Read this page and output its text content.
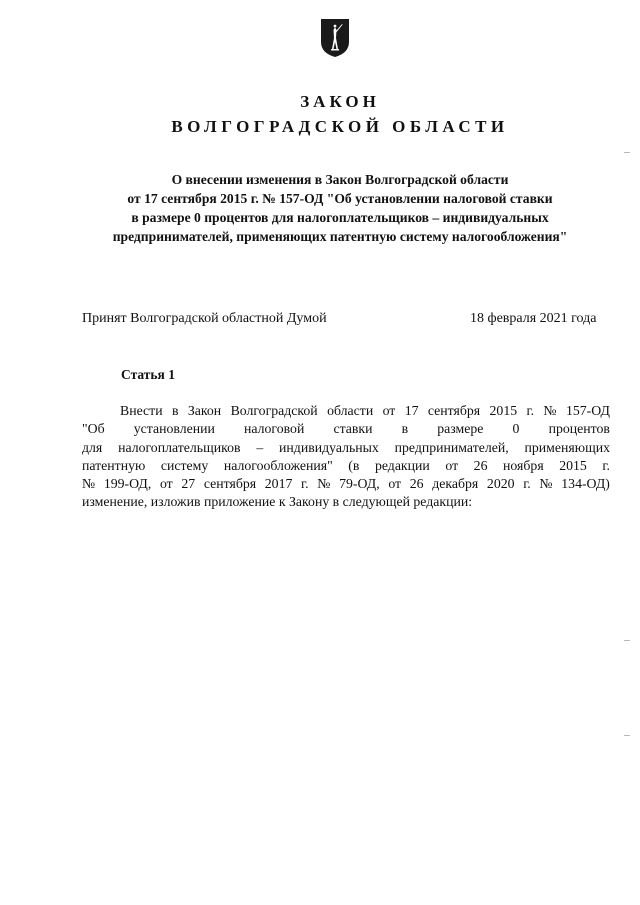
ЗАКОН
ВОЛГОГРАДСКОЙ ОБЛАСТИ
О внесении изменения в Закон Волгоградской области
от 17 сентября 2015 г. № 157-ОД "Об установлении налоговой ставки
в размере 0 процентов для налогоплательщиков – индивидуальных
предпринимателей, применяющих патентную систему налогообложения"
Принят Волгоградской областной Думой	18 февраля 2021 года
Статья 1
Внести в Закон Волгоградской области от 17 сентября 2015 г. № 157-ОД
"Об установлении налоговой ставки в размере 0 процентов
для налогоплательщиков – индивидуальных предпринимателей, применяющих
патентную систему налогообложения" (в редакции от 26 ноября 2015 г.
№ 199-ОД, от 27 сентября 2017 г. № 79-ОД, от 26 декабря 2020 г. № 134-ОД)
изменение, изложив приложение к Закону в следующей редакции:
